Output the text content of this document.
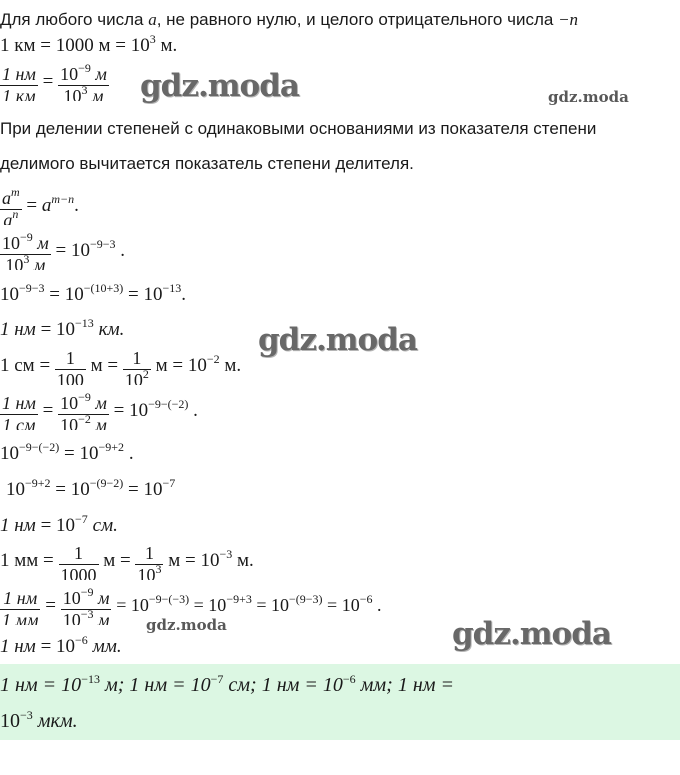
Для любого числа a, не равного нулю, и целого отрицательного числа −n
1 км = 1000 $м = 10^3$ м.
$\frac{1 нм}{1 км} = \frac{10^{-9} м}{10^3 м}$
При делении степеней с одинаковыми основаниями из показателя степени
делимого вычитается показатель степени делителя.
$\frac{a^m}{a^n} = a^{m-n}$.
$\frac{10^{-9} м}{10^3 м} = 10^{-9-3}$ .
$10^{-9-3} = 10^{-(10+3)} = 10^{-13}$.
1 нм = $10^{-13}$ км.
1 см = $\frac{1}{100}$ $м = \frac{1}{10^2}$ $м = 10^{-2}$ м.
$\frac{1 нм}{1 см} = \frac{10^{-9} м}{10^{-2} м} = 10^{-9-(-2)}$ .
$10^{-9-(-2)} = 10^{-9+2}$ .
$10^{-9+2} = 10^{-(9-2)} = 10^{-7}$
1 нм = $10^{-7}$ см.
1 мм = $\frac{1}{1000}$ $м = \frac{1}{10^3}$ $м = 10^{-3}$ м.
$\frac{1 нм}{1 мм} = \frac{10^{-9} м}{10^{-3} м} = 10^{-9-(-3)} = 10^{-9+3} = 10^{-(9-3)} = 10^{-6}$ .
1 нм = $10^{-6}$ мм.
1 нм = $10^{-13}$ м; 1 нм = $10^{-7}$ см; 1 нм = $10^{-6}$ мм; 1 нм =
$10^{-3}$ мкм.
gdz.moda	gdz.moda
gdz.moda
gdz.moda	gdz.moda
